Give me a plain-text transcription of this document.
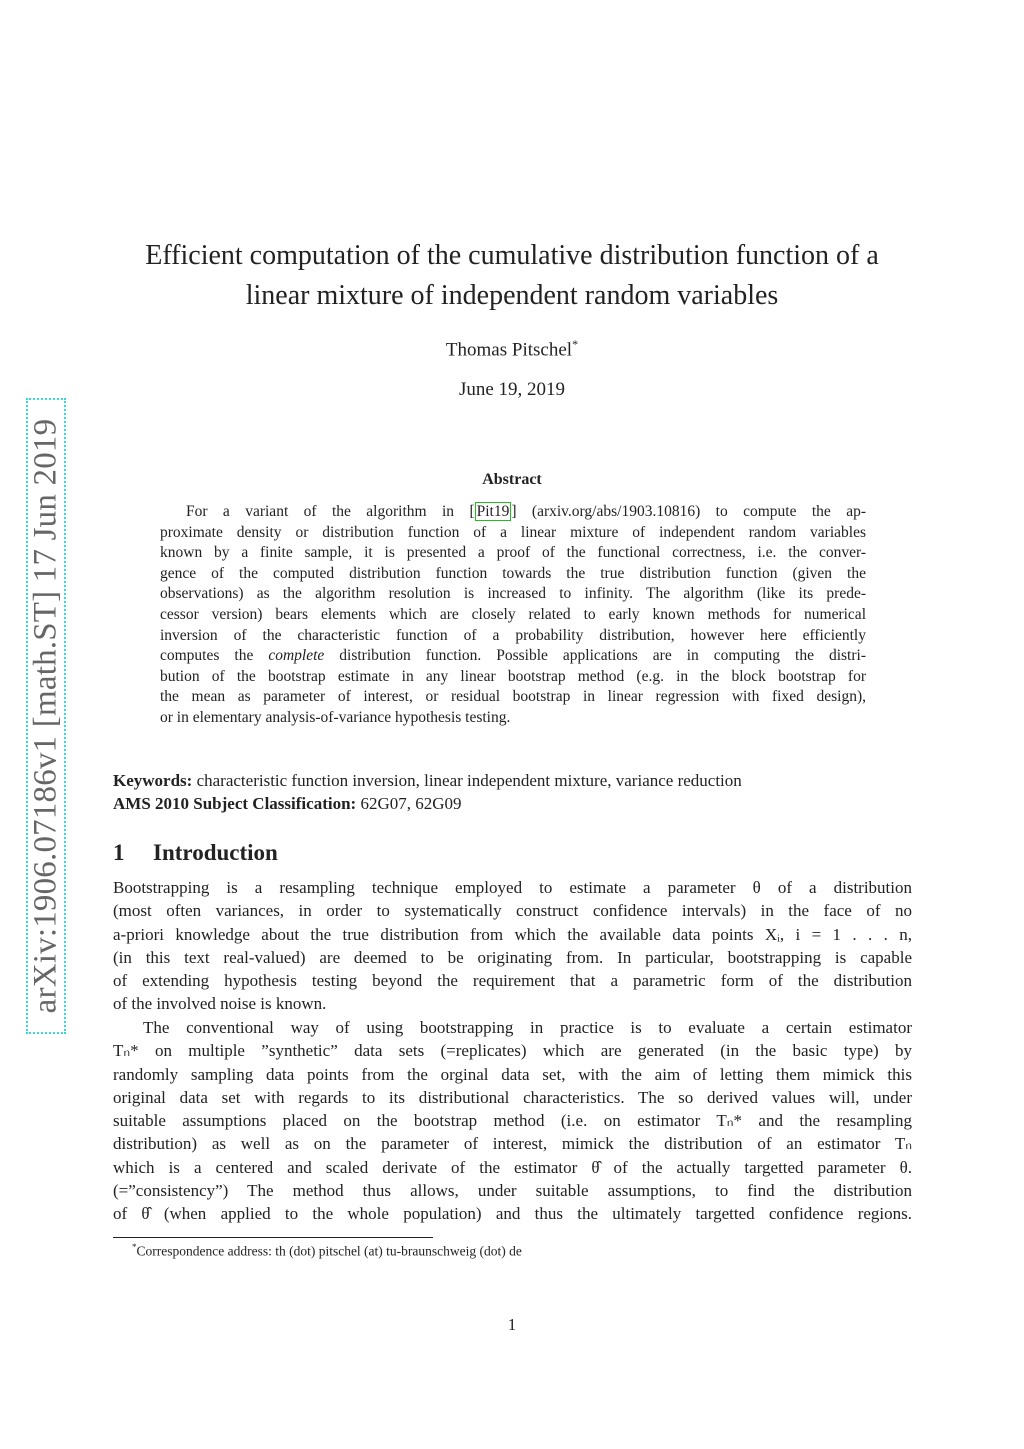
arXiv:1906.07186v1 [math.ST] 17 Jun 2019
Efficient computation of the cumulative distribution function of a
linear mixture of independent random variables
Thomas Pitschel*
June 19, 2019
Abstract
For a variant of the algorithm in [ Pit19 ] (arxiv.org/abs/1903.10816) to compute the ap-
proximate density or distribution function of a linear mixture of independent random variables
known by a finite sample, it is presented a proof of the functional correctness, i.e. the conver-
gence of the computed distribution function towards the true distribution function (given the
observations) as the algorithm resolution is increased to infinity. The algorithm (like its prede-
cessor version) bears elements which are closely related to early known methods for numerical
inversion of the characteristic function of a probability distribution, however here efficiently
computes the complete distribution function. Possible applications are in computing the distri-
bution of the bootstrap estimate in any linear bootstrap method (e.g. in the block bootstrap for
the mean as parameter of interest, or residual bootstrap in linear regression with fixed design),
or in elementary analysis-of-variance hypothesis testing.
Keywords: characteristic function inversion, linear independent mixture, variance reduction
AMS 2010 Subject Classification: 62G07, 62G09
1 Introduction
Bootstrapping is a resampling technique employed to estimate a parameter θ of a distribution
(most often variances, in order to systematically construct confidence intervals) in the face of no
a-priori knowledge about the true distribution from which the available data points Xᵢ, i = 1 . . . n,
(in this text real-valued) are deemed to be originating from. In particular, bootstrapping is capable
of extending hypothesis testing beyond the requirement that a parametric form of the distribution
of the involved noise is known.
The conventional way of using bootstrapping in practice is to evaluate a certain estimator
Tₙ* on multiple ”synthetic” data sets (=replicates) which are generated (in the basic type) by
randomly sampling data points from the orginal data set, with the aim of letting them mimick this
original data set with regards to its distributional characteristics. The so derived values will, under
suitable assumptions placed on the bootstrap method (i.e. on estimator Tₙ* and the resampling
distribution) as well as on the parameter of interest, mimick the distribution of an estimator Tₙ
which is a centered and scaled derivate of the estimator θ̂ of the actually targetted parameter θ.
(=”consistency”) The method thus allows, under suitable assumptions, to find the distribution
of θ̂ (when applied to the whole population) and thus the ultimately targetted confidence regions.
*Correspondence address: th (dot) pitschel (at) tu-braunschweig (dot) de
1
